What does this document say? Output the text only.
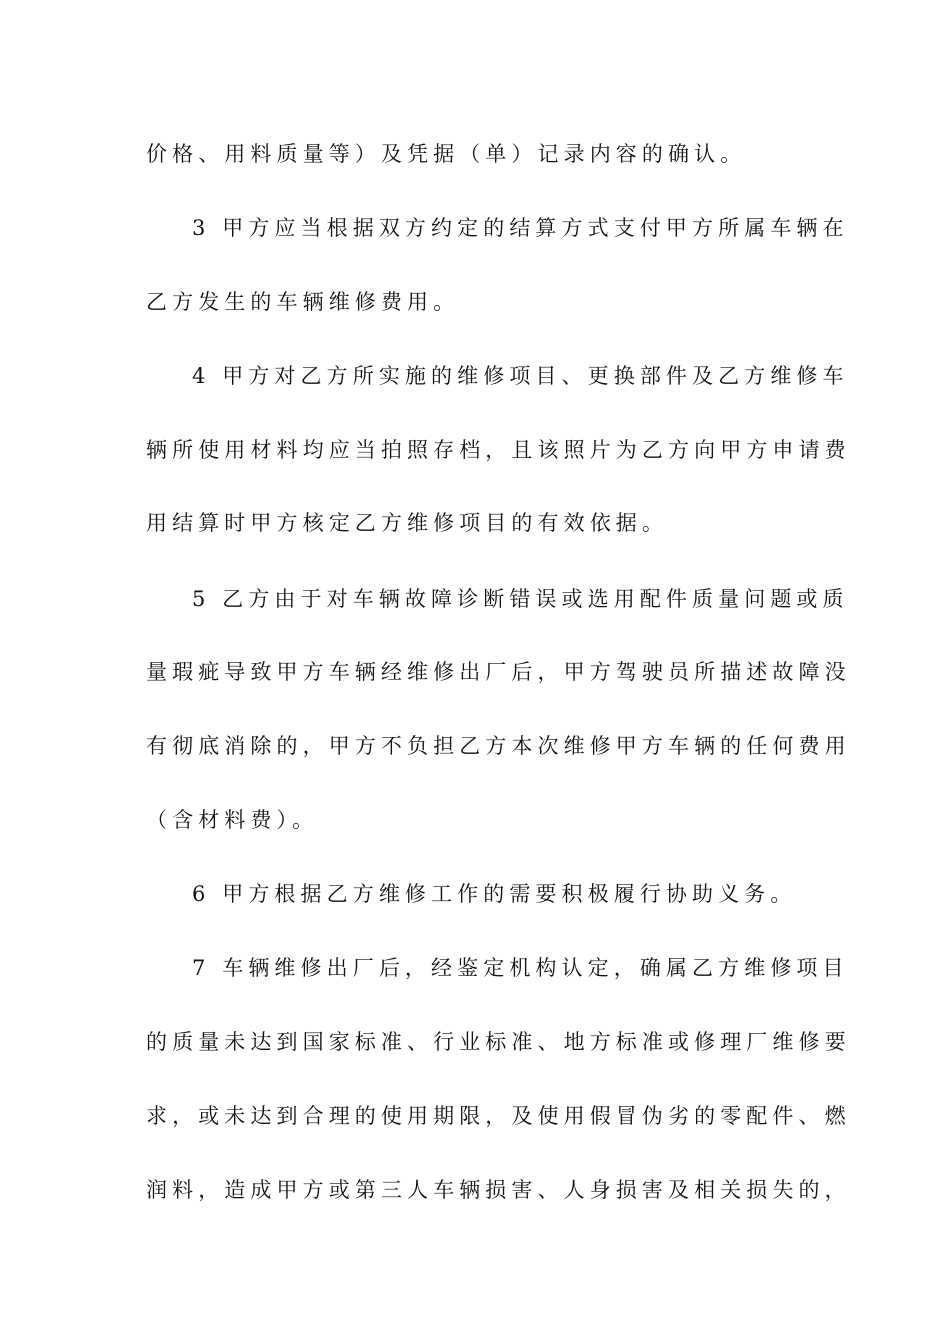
价格、用料质量等）及凭据（单）记录内容的确认。
3 甲方应当根据双方约定的结算方式支付甲方所属车辆在
乙方发生的车辆维修费用。
4 甲方对乙方所实施的维修项目、更换部件及乙方维修车
辆所使用材料均应当拍照存档，且该照片为乙方向甲方申请费
用结算时甲方核定乙方维修项目的有效依据。
5 乙方由于对车辆故障诊断错误或选用配件质量问题或质
量瑕疵导致甲方车辆经维修出厂后，甲方驾驶员所描述故障没
有彻底消除的，甲方不负担乙方本次维修甲方车辆的任何费用
（含材料费）。
6 甲方根据乙方维修工作的需要积极履行协助义务。
7 车辆维修出厂后，经鉴定机构认定，确属乙方维修项目
的质量未达到国家标准、行业标准、地方标准或修理厂维修要
求，或未达到合理的使用期限，及使用假冒伪劣的零配件、燃
润料，造成甲方或第三人车辆损害、人身损害及相关损失的，
